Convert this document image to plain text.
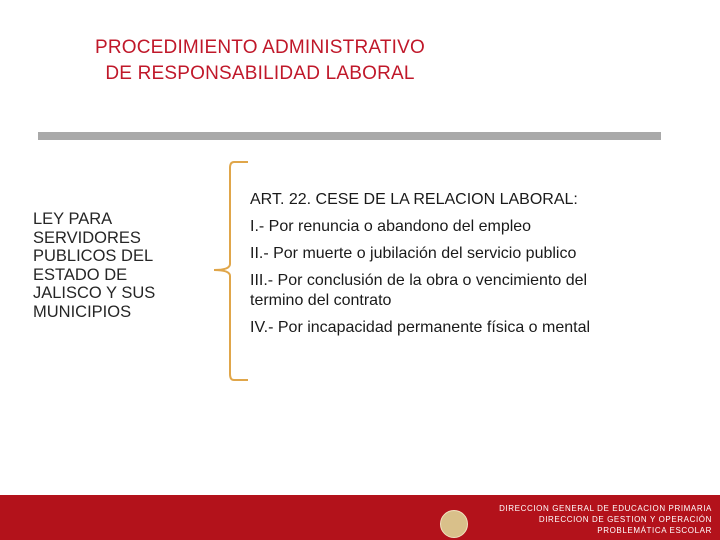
PROCEDIMIENTO ADMINISTRATIVO
DE RESPONSABILIDAD LABORAL
LEY PARA
SERVIDORES
PUBLICOS DEL
ESTADO DE
JALISCO Y SUS
MUNICIPIOS
ART. 22. CESE DE LA RELACION LABORAL:
I.- Por renuncia o abandono del empleo
II.- Por muerte o jubilación del servicio publico
III.- Por conclusión de la obra o vencimiento del
termino del contrato
IV.- Por incapacidad permanente física o mental
DIRECCION GENERAL DE EDUCACION PRIMARIA
DIRECCION DE GESTION Y OPERACIÓN
PROBLEMÁTICA ESCOLAR
